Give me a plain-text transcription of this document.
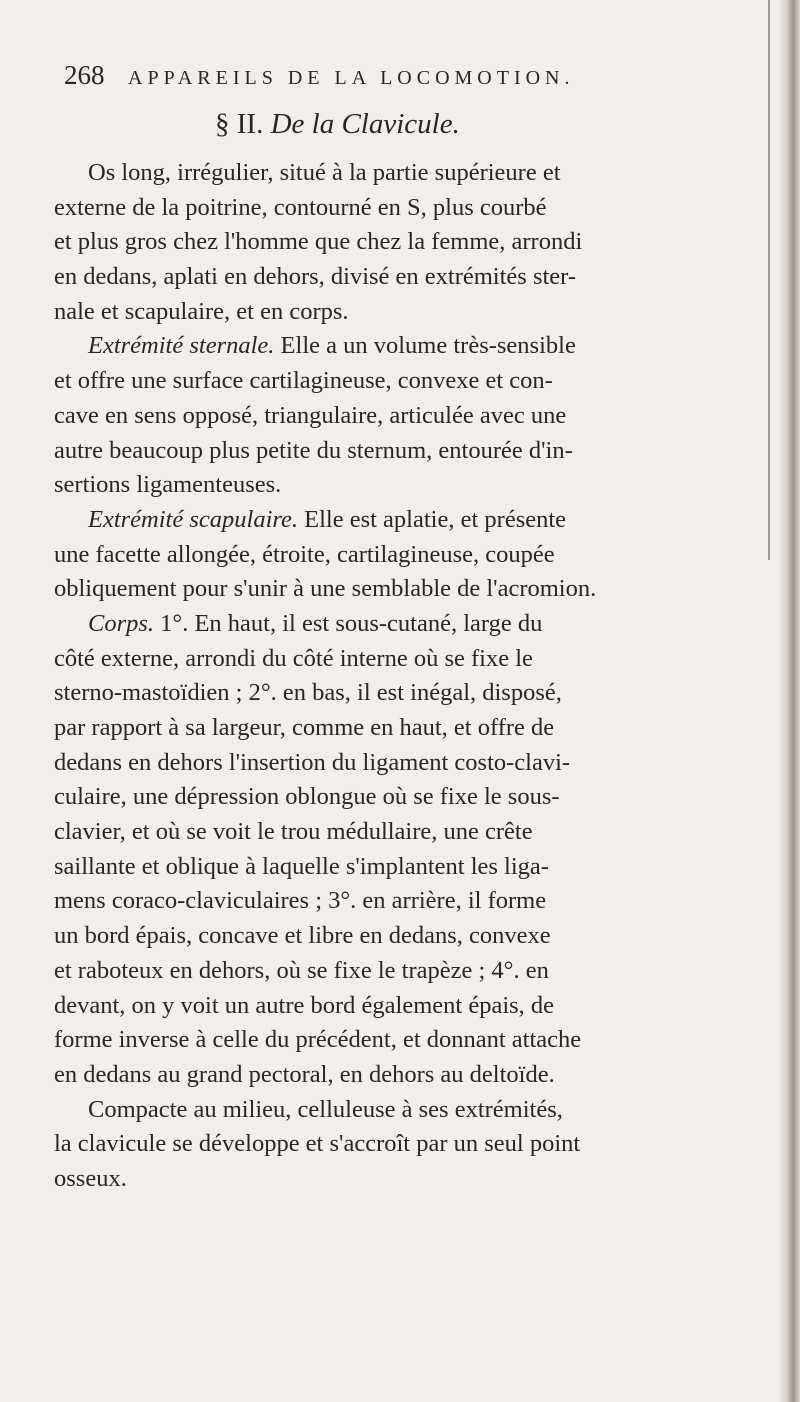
268 APPAREILS DE LA LOCOMOTION.
§ II. De la Clavicule.
Os long, irrégulier, situé à la partie supérieure et
externe de la poitrine, contourné en S, plus courbé
et plus gros chez l'homme que chez la femme, arrondi
en dedans, aplati en dehors, divisé en extrémités ster-
nale et scapulaire, et en corps.
Extrémité sternale. Elle a un volume très-sensible
et offre une surface cartilagineuse, convexe et con-
cave en sens opposé, triangulaire, articulée avec une
autre beaucoup plus petite du sternum, entourée d'in-
sertions ligamenteuses.
Extrémité scapulaire. Elle est aplatie, et présente
une facette allongée, étroite, cartilagineuse, coupée
obliquement pour s'unir à une semblable de l'acromion.
Corps. 1°. En haut, il est sous-cutané, large du
côté externe, arrondi du côté interne où se fixe le
sterno-mastoïdien ; 2°. en bas, il est inégal, disposé,
par rapport à sa largeur, comme en haut, et offre de
dedans en dehors l'insertion du ligament costo-clavi-
culaire, une dépression oblongue où se fixe le sous-
clavier, et où se voit le trou médullaire, une crête
saillante et oblique à laquelle s'implantent les liga-
mens coraco-claviculaires ; 3°. en arrière, il forme
un bord épais, concave et libre en dedans, convexe
et raboteux en dehors, où se fixe le trapèze ; 4°. en
devant, on y voit un autre bord également épais, de
forme inverse à celle du précédent, et donnant attache
en dedans au grand pectoral, en dehors au deltoïde.
Compacte au milieu, celluleuse à ses extrémités,
la clavicule se développe et s'accroît par un seul point
osseux.
